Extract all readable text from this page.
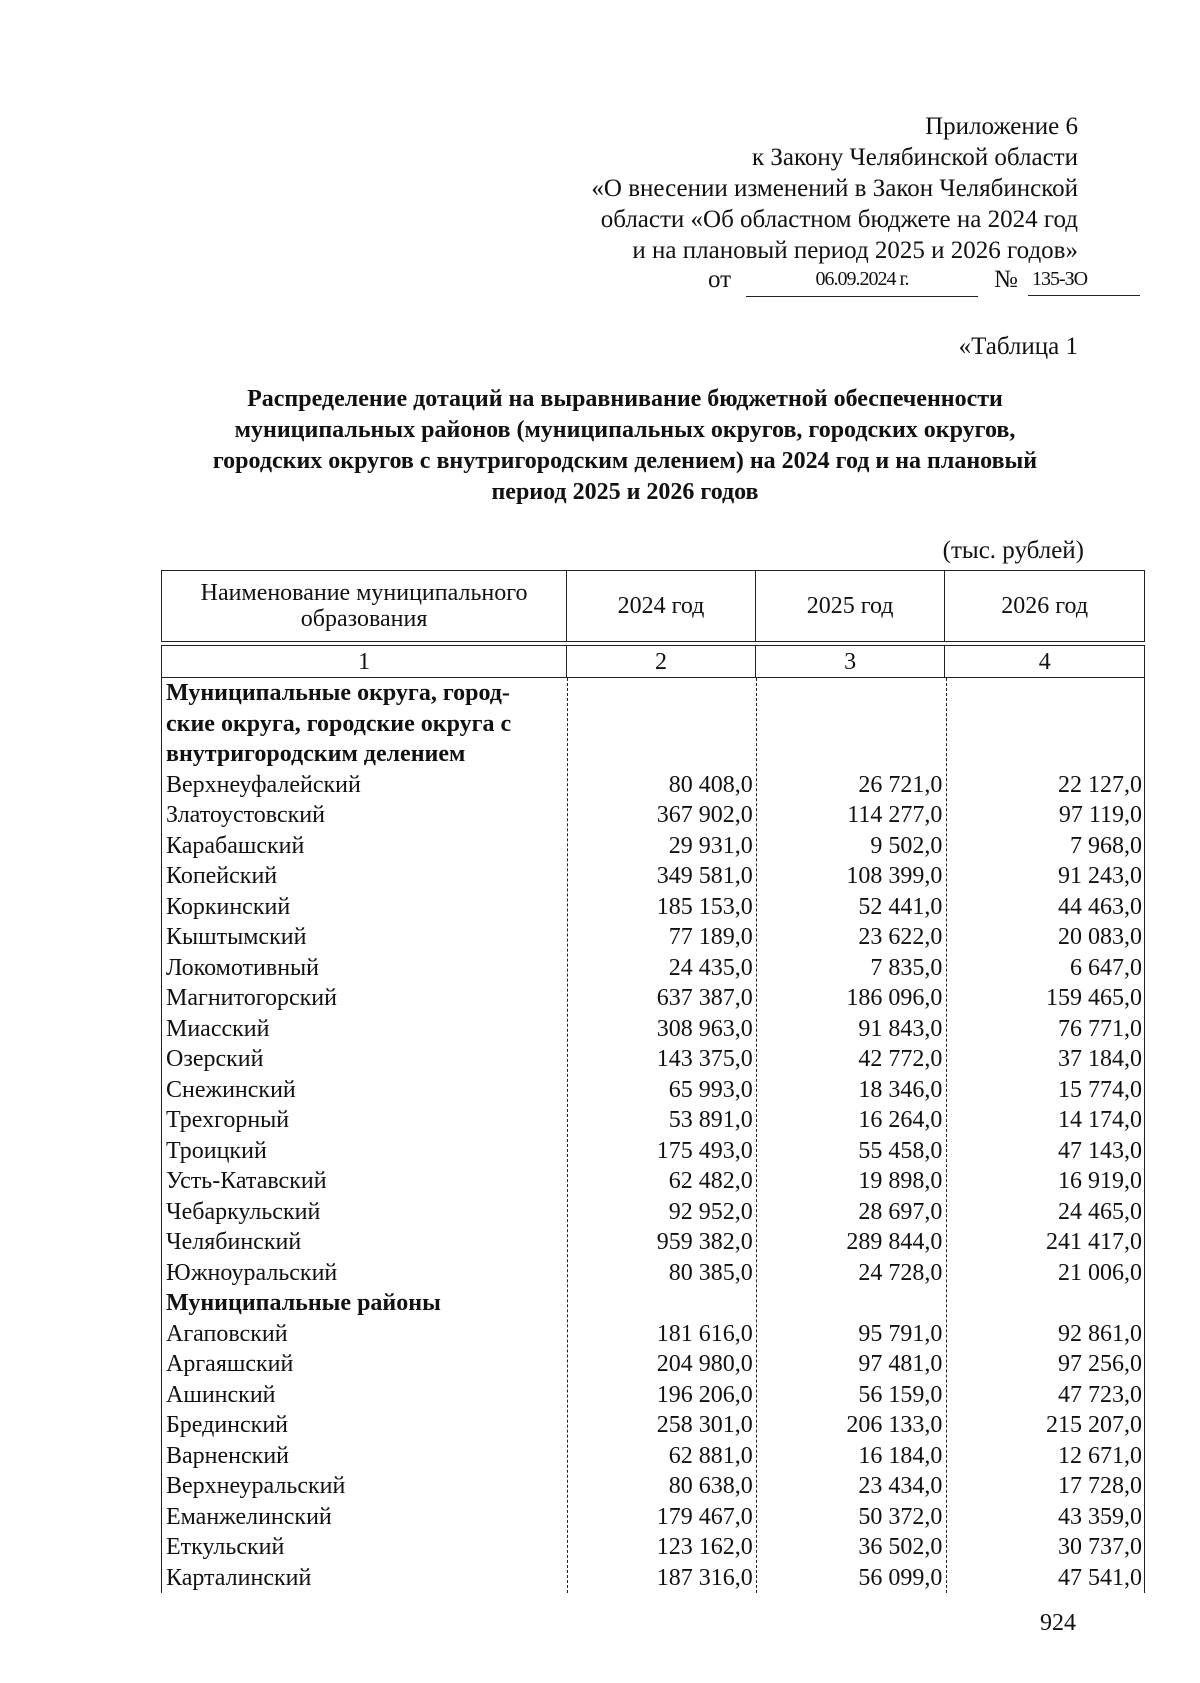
Приложение 6
к Закону Челябинской области
«О внесении изменений в Закон Челябинской
области «Об областном бюджете на 2024 год
и на плановый период 2025 и 2026 годов»
от	06.09.2024 г.	№ 135-ЗО
«Таблица 1
Распределение дотаций на выравнивание бюджетной обеспеченности
муниципальных районов (муниципальных округов, городских округов,
городских округов с внутригородским делением) на 2024 год и на плановый
период 2025 и 2026 годов
(тыс. рублей)
Наименование муниципального образования	2024 год	2025 год	2026 год
1	2	3	4
Муниципальные округа, город-
ские округа, городские округа с
внутригородским делением
Верхнеуфалейский	80 408,0	26 721,0	22 127,0
Златоустовский	367 902,0	114 277,0	97 119,0
Карабашский	29 931,0	9 502,0	7 968,0
Копейский	349 581,0	108 399,0	91 243,0
Коркинский	185 153,0	52 441,0	44 463,0
Кыштымский	77 189,0	23 622,0	20 083,0
Локомотивный	24 435,0	7 835,0	6 647,0
Магнитогорский	637 387,0	186 096,0	159 465,0
Миасский	308 963,0	91 843,0	76 771,0
Озерский	143 375,0	42 772,0	37 184,0
Снежинский	65 993,0	18 346,0	15 774,0
Трехгорный	53 891,0	16 264,0	14 174,0
Троицкий	175 493,0	55 458,0	47 143,0
Усть-Катавский	62 482,0	19 898,0	16 919,0
Чебаркульский	92 952,0	28 697,0	24 465,0
Челябинский	959 382,0	289 844,0	241 417,0
Южноуральский	80 385,0	24 728,0	21 006,0
Муниципальные районы
Агаповский	181 616,0	95 791,0	92 861,0
Аргаяшский	204 980,0	97 481,0	97 256,0
Ашинский	196 206,0	56 159,0	47 723,0
Брединский	258 301,0	206 133,0	215 207,0
Варненский	62 881,0	16 184,0	12 671,0
Верхнеуральский	80 638,0	23 434,0	17 728,0
Еманжелинский	179 467,0	50 372,0	43 359,0
Еткульский	123 162,0	36 502,0	30 737,0
Карталинский	187 316,0	56 099,0	47 541,0
924
